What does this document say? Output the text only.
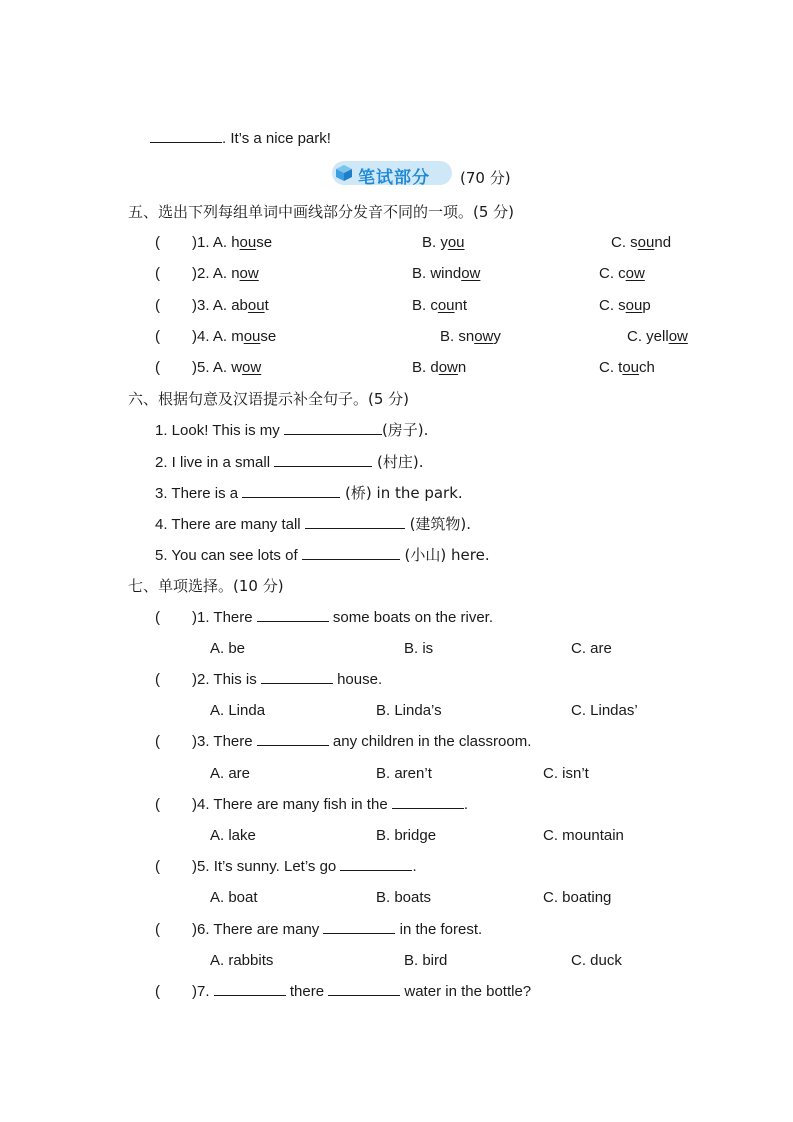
. It’s a nice park!
笔试部分 (70 分)
五、选出下列每组单词中画线部分发音不同的一项。(5 分)
( )1. A. house	B. you	C. sound
( )2. A. now	B. window	C. cow
( )3. A. about	B. count	C. soup
( )4. A. mouse	B. snowy	C. yellow
( )5. A. wow	B. down	C. touch
六、根据句意及汉语提示补全句子。(5 分)
1. Look! This is my	(房子).
2. I live in a small	(村庄).
3. There is a	(桥) in the park.
4. There are many tall	(建筑物).
5. You can see lots of	(小山) here.
七、单项选择。(10 分)
( )1. There	some boats on the river.
A. be	B. is	C. are
( )2. This is	house.
A. Linda	B. Linda’s	C. Lindas’
( )3. There	any children in the classroom.
A. are	B. aren’t	C. isn’t
( )4. There are many fish in the	.
A. lake	B. bridge	C. mountain
( )5. It’s sunny. Let’s go	.
A. boat	B. boats	C. boating
( )6. There are many	in the forest.
A. rabbits	B. bird	C. duck
( )7.	there	water in the bottle?
